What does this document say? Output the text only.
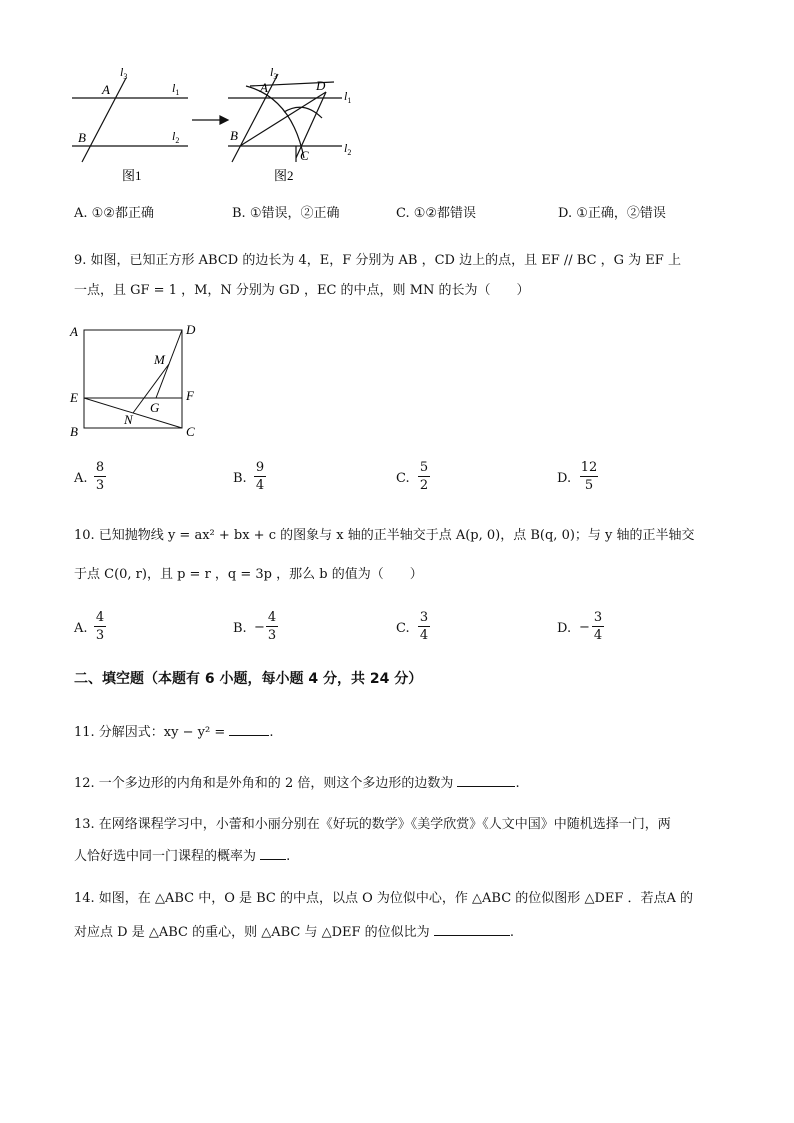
A
B
$l_3$
$l_1$
$l_2$
图1
A
B
C
D
$l_3$
$l_1$
$l_2$
图2
A. ①②都正确	B. ①错误，②正确	C. ①②都错误	D. ①正确，②错误
9. 如图，已知正方形 ABCD 的边长为 4，E，F 分别为 AB ，CD 边上的点，且 EF // BC ，G 为 EF 上
一点，且 GF = 1 ，M，N 分别为 GD ，EC 的中点，则 MN 的长为（　　）
A	D
E	F
B	C
M
G
N
A.
8
3	B.
9
4	C.
5
2	D.
12
5
10. 已知抛物线 y = ax² + bx + c 的图象与 x 轴的正半轴交于点 A(p, 0)，点 B(q, 0)；与 y 轴的正半轴交
于点 C(0, r)，且 p = r ，q = 3p ，那么 b 的值为（　　）
A.
4
3	B. −
4
3	C.
3
4	D. −
3
4
二、填空题（本题有 6 小题，每小题 4 分，共 24 分）
11. 分解因式：xy − y² =	.
12. 一个多边形的内角和是外角和的 2 倍，则这个多边形的边数为	.
13. 在网络课程学习中，小蕾和小丽分别在《好玩的数学》《美学欣赏》《人文中国》中随机选择一门，两
人恰好选中同一门课程的概率为 .
14. 如图，在 △ABC 中，O 是 BC 的中点，以点 O 为位似中心，作 △ABC 的位似图形 △DEF ．若点A 的
对应点 D 是 △ABC 的重心，则 △ABC 与 △DEF 的位似比为	.
